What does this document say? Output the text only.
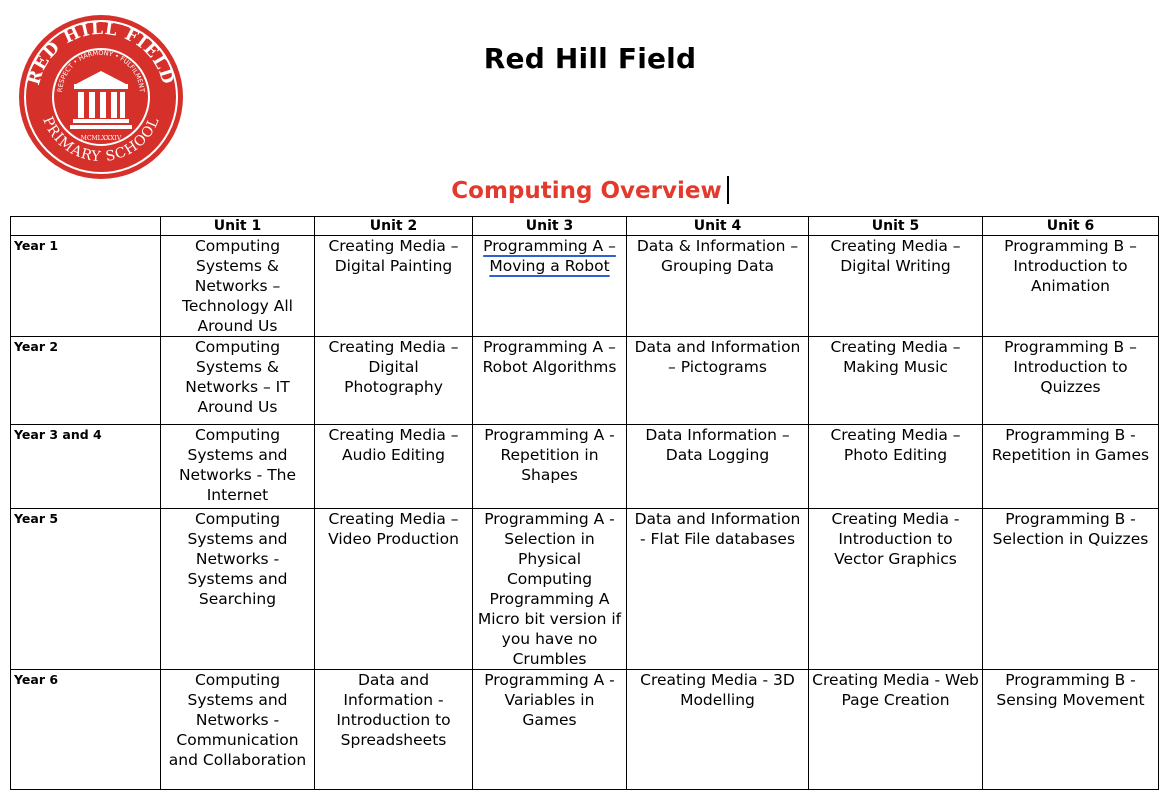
RED HILL FIELD
PRIMARY SCHOOL
RESPECT • HARMONY • FULFILMENT
MCMLXXXIV
Red Hill Field
Computing Overview
	Unit 1	Unit 2	Unit 3	Unit 4	Unit 5	Unit 6
Year 1	Computing Systems & Networks – Technology All Around Us	Creating Media – Digital Painting	Programming A – Moving a Robot	Data & Information – Grouping Data	Creating Media – Digital Writing	Programming B – Introduction to Animation
Year 2	Computing Systems & Networks – IT Around Us	Creating Media – Digital Photography	Programming A – Robot Algorithms	Data and Information – Pictograms	Creating Media – Making Music	Programming B – Introduction to Quizzes
Year 3 and 4	Computing Systems and Networks - The Internet	Creating Media – Audio Editing	Programming A - Repetition in Shapes	Data Information – Data Logging	Creating Media – Photo Editing	Programming B - Repetition in Games
Year 5	Computing Systems and Networks - Systems and Searching	Creating Media – Video Production	Programming A - Selection in Physical Computing Programming A Micro bit version if you have no Crumbles	Data and Information - Flat File databases	Creating Media - Introduction to Vector Graphics	Programming B - Selection in Quizzes
Year 6	Computing Systems and Networks - Communication and Collaboration	Data and Information - Introduction to Spreadsheets	Programming A - Variables in Games	Creating Media - 3D Modelling	Creating Media - Web Page Creation	Programming B - Sensing Movement
